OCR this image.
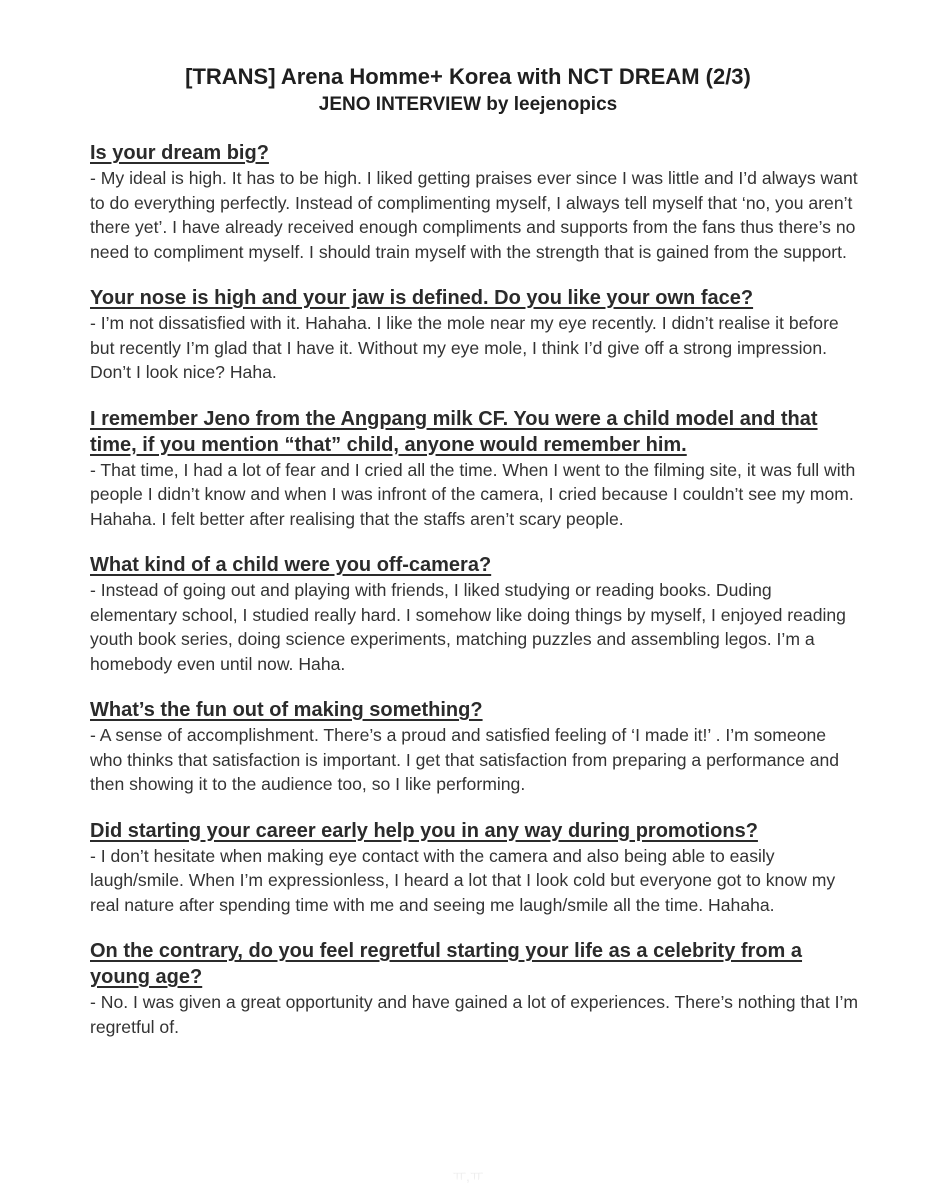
[TRANS] Arena Homme+ Korea with NCT DREAM (2/3)
JENO INTERVIEW by leejenopics
Is your dream big?
- My ideal is high. It has to be high. I liked getting praises ever since I was little and I’d always want to do everything perfectly. Instead of complimenting myself, I always tell myself that ‘no, you aren’t there yet’. I have already received enough compliments and supports from the fans thus there’s no need to compliment myself. I should train myself with the strength that is gained from the support.
Your nose is high and your jaw is defined. Do you like your own face?
- I’m not dissatisfied with it. Hahaha. I like the mole near my eye recently. I didn’t realise it before but recently I’m glad that I have it. Without my eye mole, I think I’d give off a strong impression. Don’t I look nice? Haha.
I remember Jeno from the Angpang milk CF. You were a child model and that time, if you mention “that” child, anyone would remember him.
- That time, I had a lot of fear and I cried all the time. When I went to the filming site, it was full with people I didn’t know and when I was infront of the camera, I cried because I couldn’t see my mom. Hahaha. I felt better after realising that the staffs aren’t scary people.
What kind of a child were you off-camera?
- Instead of going out and playing with friends, I liked studying or reading books. Duding elementary school, I studied really hard. I somehow like doing things by myself, I enjoyed reading youth book series, doing science experiments, matching puzzles and assembling legos. I’m a homebody even until now. Haha.
What’s the fun out of making something?
- A sense of accomplishment. There’s a proud and satisfied feeling of ‘I made it!’ . I’m someone who thinks that satisfaction is important. I get that satisfaction from preparing a performance and then showing it to the audience too, so I like performing.
Did starting your career early help you in any way during promotions?
- I don’t hesitate when making eye contact with the camera and also being able to easily laugh/smile. When I’m expressionless, I heard a lot that I look cold but everyone got to know my real nature after spending time with me and seeing me laugh/smile all the time. Hahaha.
On the contrary, do you feel regretful starting your life as a celebrity from a young age?
- No. I was given a great opportunity and have gained a lot of experiences. There’s nothing that I’m regretful of.
ㅠ,ㅠ
